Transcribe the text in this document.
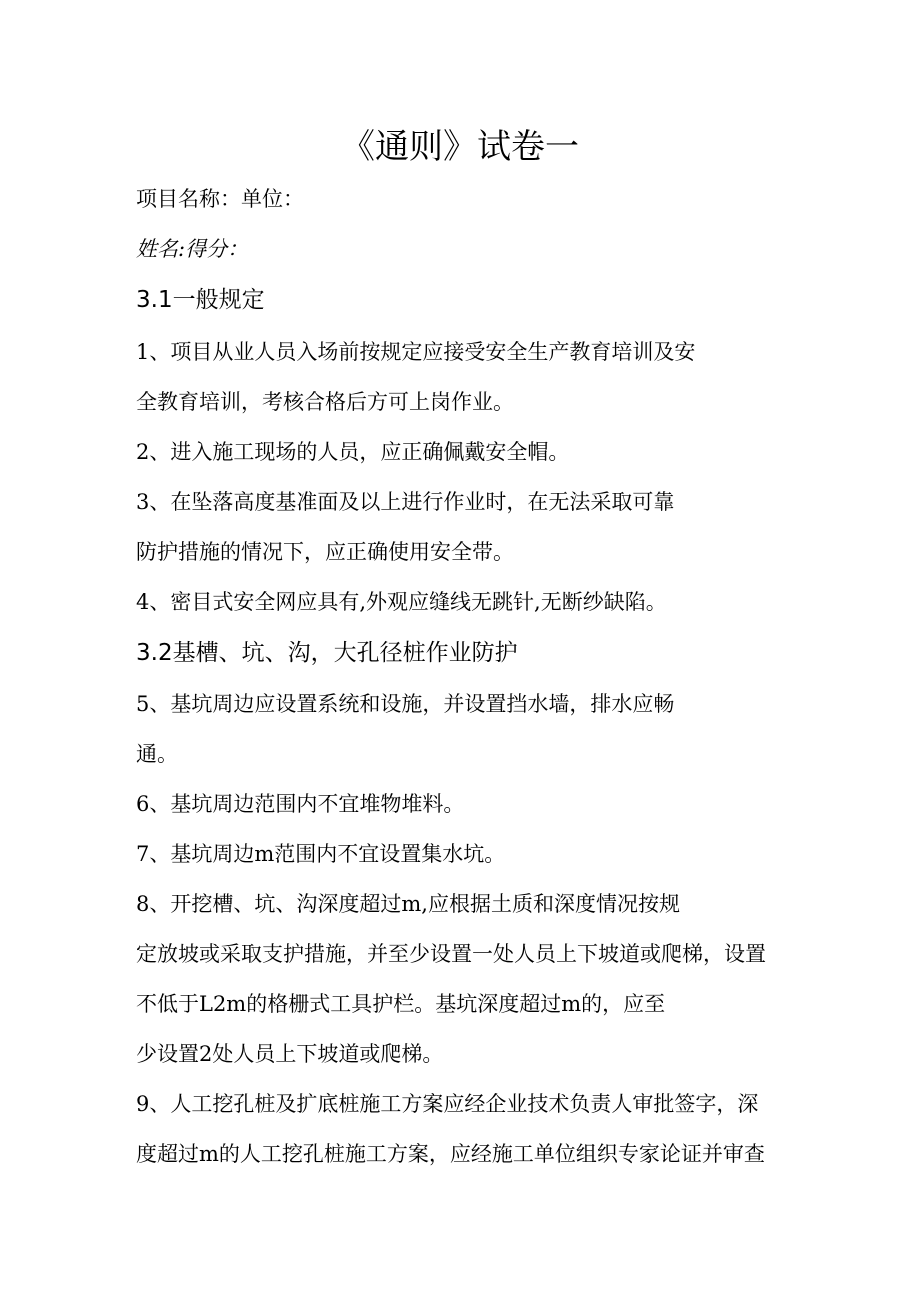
《通则》试卷一
项目名称：单位：
姓名:得分：
3.1一般规定
1、项目从业人员入场前按规定应接受安全生产教育培训及安
全教育培训，考核合格后方可上岗作业。
2、进入施工现场的人员，应正确佩戴安全帽。
3、在坠落高度基准面及以上进行作业时，在无法采取可靠
防护措施的情况下，应正确使用安全带。
4、密目式安全网应具有,外观应缝线无跳针,无断纱缺陷。
3.2基槽、坑、沟，大孔径桩作业防护
5、基坑周边应设置系统和设施，并设置挡水墙，排水应畅
通。
6、基坑周边范围内不宜堆物堆料。
7、基坑周边m范围内不宜设置集水坑。
8、开挖槽、坑、沟深度超过m,应根据土质和深度情况按规
定放坡或采取支护措施，并至少设置一处人员上下坡道或爬梯，设置
不低于L2m的格栅式工具护栏。基坑深度超过m的，应至
少设置2处人员上下坡道或爬梯。
9、人工挖孔桩及扩底桩施工方案应经企业技术负责人审批签字，深
度超过m的人工挖孔桩施工方案，应经施工单位组织专家论证并审查
